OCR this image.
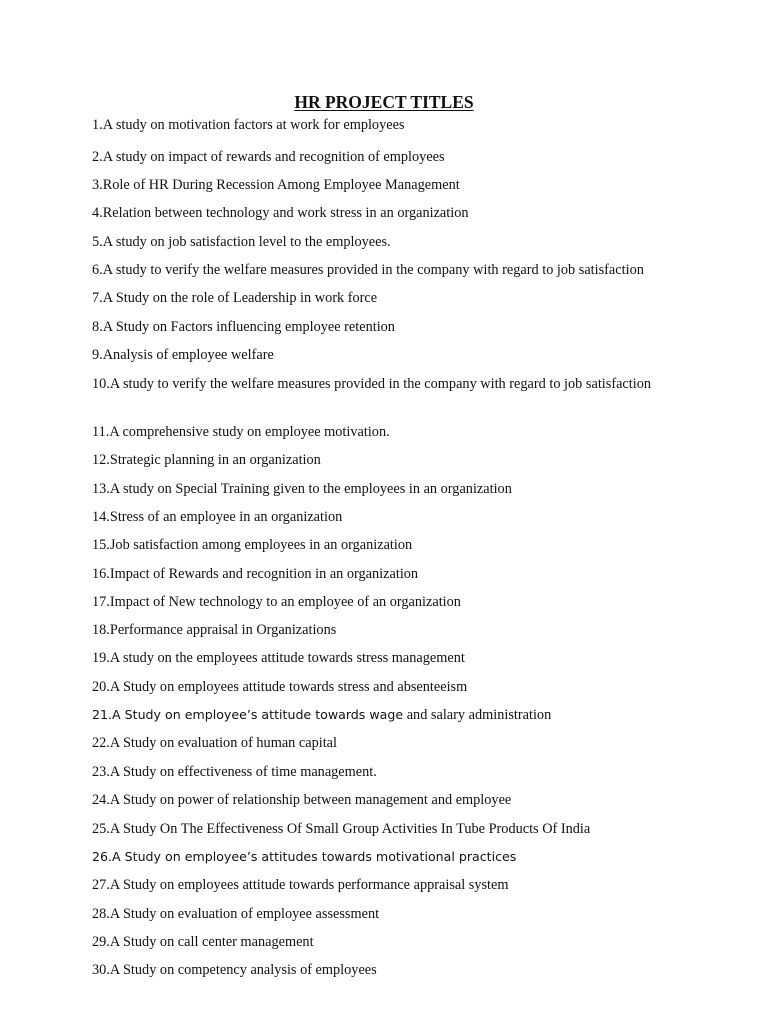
HR PROJECT TITLES
1.A study on motivation factors at work for employees
2.A study on impact of rewards and recognition of employees
3.Role of HR During Recession Among Employee Management
4.Relation between technology and work stress in an organization
5.A study on job satisfaction level to the employees.
6.A study to verify the welfare measures provided in the company with regard to job satisfaction
7.A Study on the role of Leadership in work force
8.A Study on Factors influencing employee retention
9.Analysis of employee welfare
10.A study to verify the welfare measures provided in the company with regard to job satisfaction
11.A comprehensive study on employee motivation.
12.Strategic planning in an organization
13.A study on Special Training given to the employees in an organization
14.Stress of an employee in an organization
15.Job satisfaction among employees in an organization
16.Impact of Rewards and recognition in an organization
17.Impact of New technology to an employee of an organization
18.Performance appraisal in Organizations
19.A study on the employees attitude towards stress management
20.A Study on employees attitude towards stress and absenteeism
21.A Study on employee’s attitude towards wage and salary administration
22.A Study on evaluation of human capital
23.A Study on effectiveness of time management.
24.A Study on power of relationship between management and employee
25.A Study On The Effectiveness Of Small Group Activities In Tube Products Of India
26.A Study on employee’s attitudes towards motivational practices
27.A Study on employees attitude towards performance appraisal system
28.A Study on evaluation of employee assessment
29.A Study on call center management
30.A Study on competency analysis of employees
